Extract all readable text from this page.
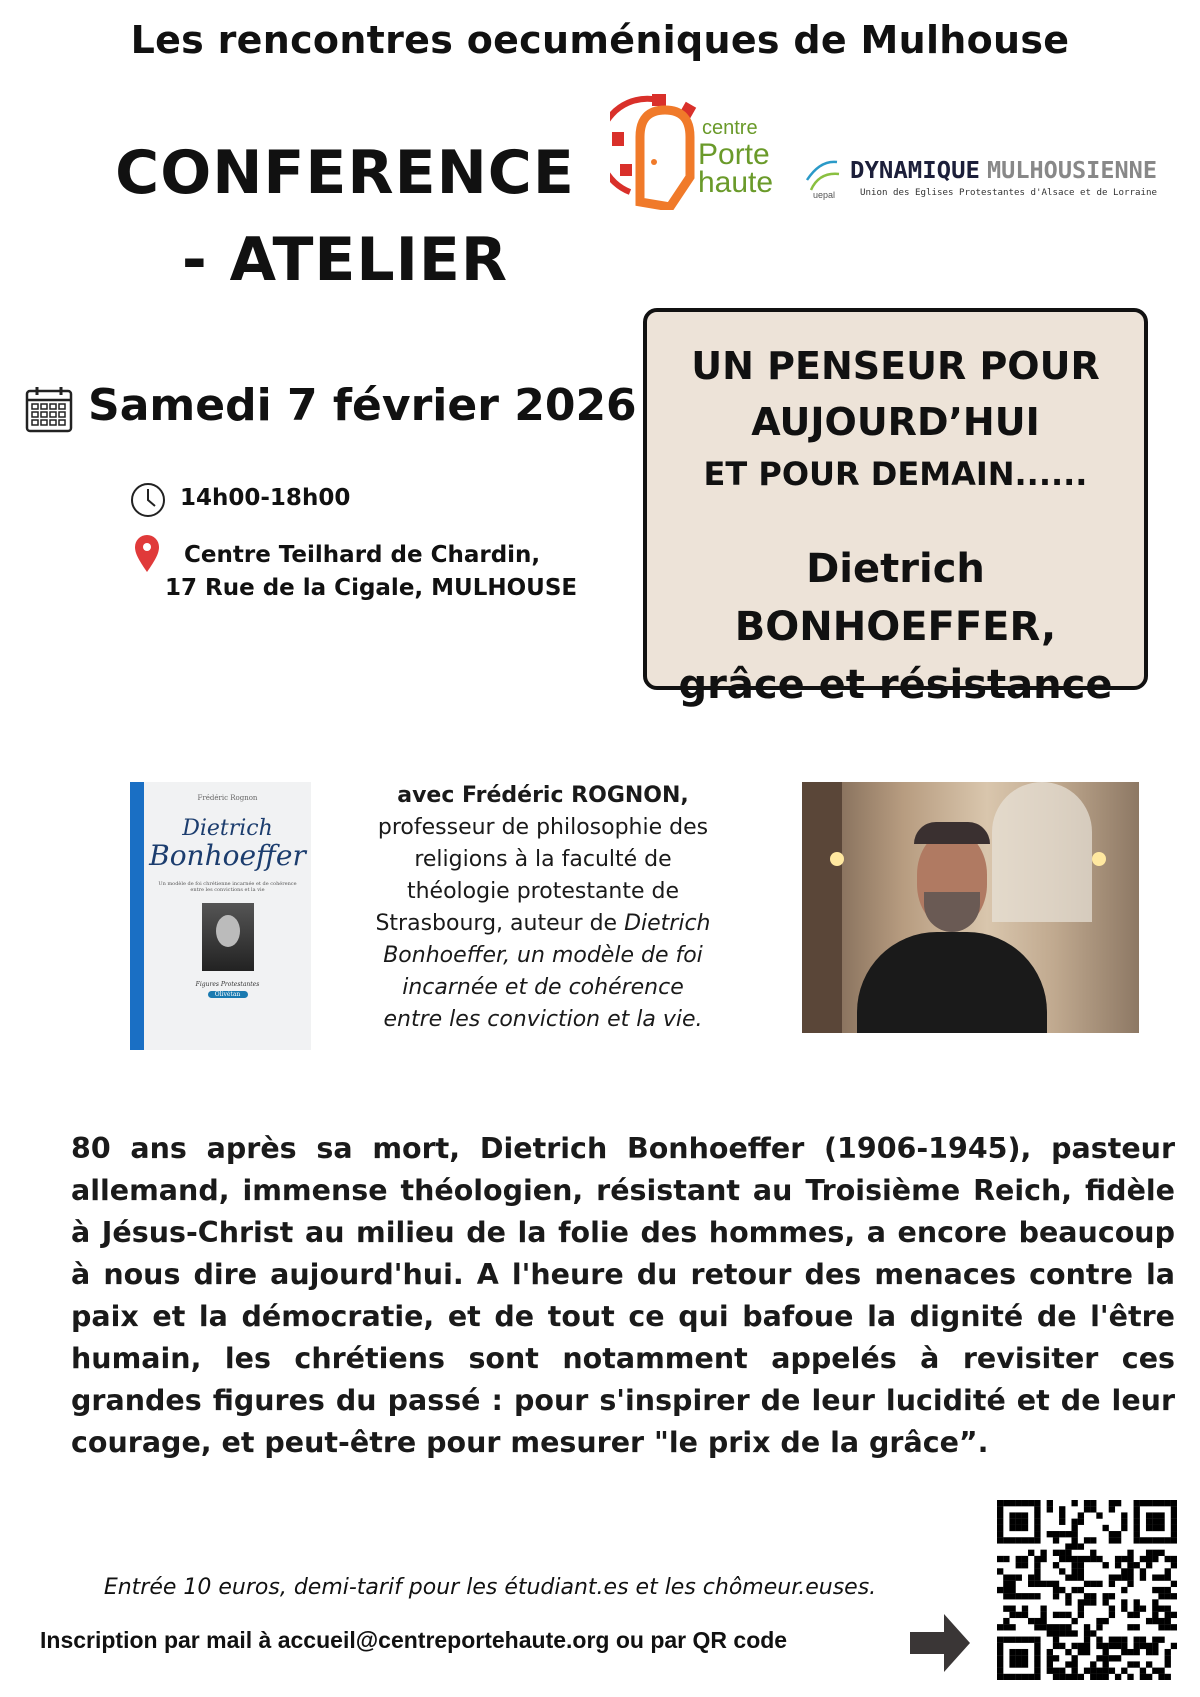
Les rencontres oecuméniques de Mulhouse
CONFERENCE
- ATELIER
centre
Porte
haute	uepal
DYNAMIQUE MULHOUSIENNE
Union des Eglises Protestantes d'Alsace et de Lorraine
UN PENSEUR POUR
AUJOURD’HUI
ET POUR DEMAIN......
Dietrich BONHOEFFER,
grâce et résistance
Samedi 7 février 2026
14h00-18h00
Centre Teilhard de Chardin,
17 Rue de la Cigale, MULHOUSE
Frédéric Rognon
Dietrich
Bonhoeffer
Un modèle de foi chrétienne incarnée et de cohérence entre les convictions et la vie
Figures Protestantes
Olivétan
avec Frédéric ROGNON,
professeur de philosophie des religions à la faculté de théologie protestante de Strasbourg, auteur de Dietrich Bonhoeffer, un modèle de foi incarnée et de cohérence entre les conviction et la vie.
80 ans après sa mort, Dietrich Bonhoeffer (1906-1945), pasteur allemand, immense théologien, résistant au Troisième Reich, fidèle à Jésus-Christ au milieu de la folie des hommes, a encore beaucoup à nous dire aujourd'hui. A l'heure du retour des menaces contre la paix et la démocratie, et de tout ce qui bafoue la dignité de l'être humain, les chrétiens sont notamment appelés à revisiter ces grandes figures du passé : pour s'inspirer de leur lucidité et de leur courage, et peut-être pour mesurer "le prix de la grâce”.
Entrée 10 euros, demi-tarif pour les étudiant.es et les chômeur.euses.
Inscription par mail à accueil@centreportehaute.org ou par QR code
